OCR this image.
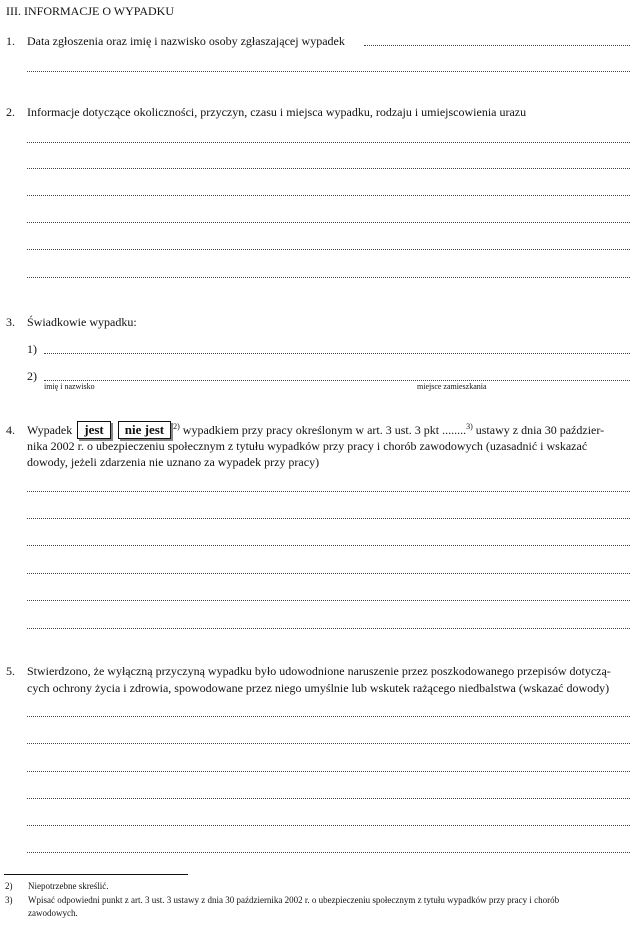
III. INFORMACJE O WYPADKU
1. Data zgłoszenia oraz imię i nazwisko osoby zgłaszającej wypadek
2. Informacje dotyczące okoliczności, przyczyn, czasu i miejsca wypadku, rodzaju i umiejscowienia urazu
3. Świadkowie wypadku:
1)
2)
imię i nazwisko	miejsce zamieszkania
4. Wypadek jest nie jest $^{2)}$ wypadkiem przy pracy określonym w art. 3 ust. 3 pkt ........$^{3)}$ ustawy z dnia 30 paździer-
nika 2002 r. o ubezpieczeniu społecznym z tytułu wypadków przy pracy i chorób zawodowych (uzasadnić i wskazać
dowody, jeżeli zdarzenia nie uznano za wypadek przy pracy)
5. Stwierdzono, że wyłączną przyczyną wypadku było udowodnione naruszenie przez poszkodowanego przepisów dotyczą-
cych ochrony życia i zdrowia, spowodowane przez niego umyślnie lub wskutek rażącego niedbalstwa (wskazać dowody)
2) Niepotrzebne skreślić.
3) Wpisać odpowiedni punkt z art. 3 ust. 3 ustawy z dnia 30 października 2002 r. o ubezpieczeniu społecznym z tytułu wypadków przy pracy i chorób
zawodowych.
